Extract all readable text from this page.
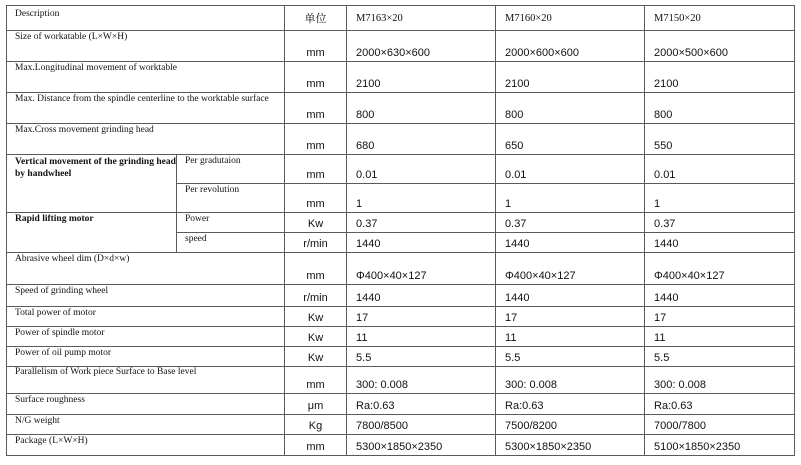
Description		单位	M7163×20	M7160×20	M7150×20
Size of workatable (L×W×H)		mm	2000×630×600	2000×600×600	2000×500×600
Max.Longitudinal movement of worktable		mm	2100	2100	2100
Max. Distance from the spindle centerline to the worktable surface		mm	800	800	800
Max.Cross movement grinding head		mm	680	650	550
Vertical movement of the grinding head by handwheel	Per gradutaion	mm	0.01	0.01	0.01
	Per revolution	mm	1	1	1
Rapid lifting motor	Power	Kw	0.37	0.37	0.37
	speed	r/min	1440	1440	1440
Abrasive wheel dim (D×d×w)		mm	Φ400×40×127	Φ400×40×127	Φ400×40×127
Speed of grinding wheel		r/min	1440	1440	1440
Total power of motor		Kw	17	17	17
Power of spindle motor		Kw	11	11	11
Power of oil pump motor		Kw	5.5	5.5	5.5
Parallelism of Work piece Surface to Base level		mm	300: 0.008	300: 0.008	300: 0.008
Surface roughness		μm	Ra:0.63	Ra:0.63	Ra:0.63
N/G weight		Kg	7800/8500	7500/8200	7000/7800
Package (L×W×H)		mm	5300×1850×2350	5300×1850×2350	5100×1850×2350
